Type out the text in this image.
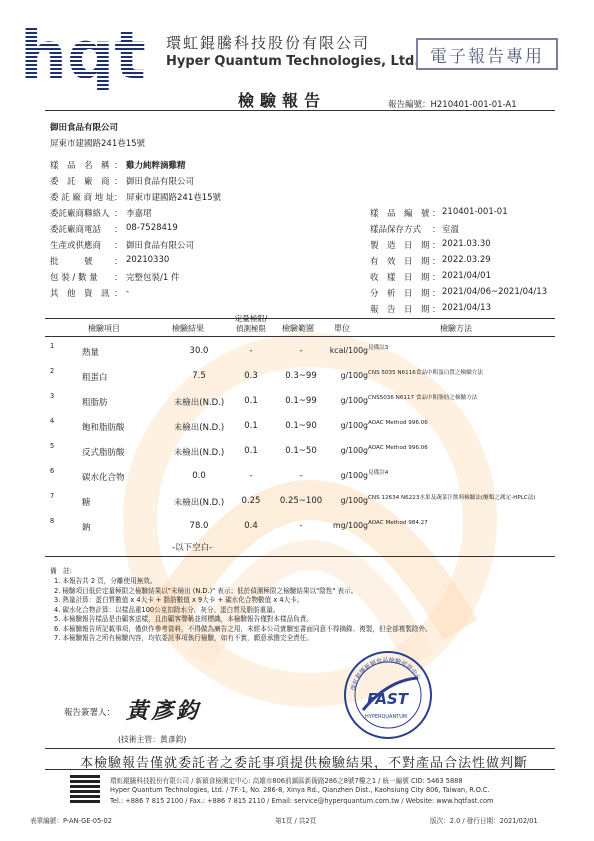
hqt 環虹錕騰科技股份有限公司
Hyper Quantum Technologies, Ltd. 電子報告專用
檢驗報告	報告編號：H210401-001-01-A1
御田食品有限公司
屏東市建國路241巷15號
樣　品　名　稱 ： 雞力純粹滴雞精
委　託　廠　商 ： 御田食品有限公司
委 託 廠 商 地 址 ： 屏東市建國路241巷15號
委託廠商聯絡人 ： 李嘉珺
委託廠商電話 ： 08-7528419
生產或供應商 ： 御田食品有限公司
批　　　號	： 20210330
包 裝 / 數 量 ： 完整包裝/1 件
其　他　資　訊 ： -
樣　品　編　號 ： 210401-001-01
樣品保存方式 ： 室溫
製　造　日　期 ： 2021.03.30
有　效　日　期 ： 2022.03.29
收　樣　日　期 ： 2021/04/01
分　析　日　期 ： 2021/04/06~2021/04/13
報　告　日　期 ： 2021/04/13
檢驗項目	檢驗結果
定量極限/
偵測極限	檢驗範圍	單位	檢驗方法
1
熱量	30.0	-	-	kcal/100g 見備註3
2
粗蛋白	7.5	0.3	0.3~99	g/100g CNS 5035 N6116食品中粗蛋白質之檢驗方法
3
粗脂肪	未檢出(N.D.)	0.1	0.1~99	g/100g CNS5036 N6117 食品中粗脂肪之檢驗方法
4
飽和脂肪酸	未檢出(N.D.)	0.1	0.1~90	g/100g AOAC Method 996.06
5
反式脂肪酸	未檢出(N.D.)	0.1	0.1~50	g/100g AOAC Method 996.06
6
碳水化合物	0.0	-	-	g/100g 見備註4
7
糖	未檢出(N.D.)	0.25	0.25~100	g/100g CNS 12634 N6223水果及蔬菜汁飲料檢驗法(醣類之測定-HPLC法)
8
鈉	78.0	0.4	-	mg/100g AOAC Method 984.27
-以下空白-
備　註:
1. 本報告共 2 頁，分離使用無效。
2. 檢驗項目低於定量極限之檢驗結果以"未檢出 (N.D.)" 表示；低於偵測極限之檢驗結果以"陰性" 表示。
3. 熱量計算：蛋白質數值 x 4大卡 + 脂肪數值 x 9大卡 + 碳水化合物數值 x 4大卡。
4. 碳水化合物計算：以樣品重100公克扣除水分、灰分、蛋白質及脂肪重量。
5. 本檢驗報告樣品是由顧客送樣，且由顧客聲稱並經標識，本檢驗報告僅對本樣品負責。
6. 本檢驗報告所記載事項，僅供作參考資料，不得做為廣告之用，未經本公司實驗室書面同意不得摘錄、複製，但全部複製除外。
7. 本檢驗報告之所有檢驗內容，均依委託事項執行檢驗，如有不實，願意承擔完全責任。
報告簽署人： 黃彥鈞
(技術主管：黃彥鈞)
環虹錕騰新穎食品檢驗認證中心
FAST
HYPERQUANTUM
本檢驗報告僅就委託者之委託事項提供檢驗結果，不對產品合法性做判斷
環虹錕騰科技股份有限公司 / 新穎食檢測定中心: 高雄市806前鎮區新衙路286之8號7樓之1 / 統一編號 CID: 5463 5888
Hyper Quantum Technologies, Ltd. / 7F.-1, No. 286-8, Xinya Rd., Qianzhen Dist., Kaohsiung City 806, Taiwan, R.O.C.
Tel.: +886 7 815 2100 / Fax.: +886 7 815 2110 / Email: service@hyperquantum.com.tw / Website: www.hqtfast.com
表單編號：P-AN-GE-05-02	第1頁 / 共2頁	版次：2.0 / 發行日期：2021/02/01
